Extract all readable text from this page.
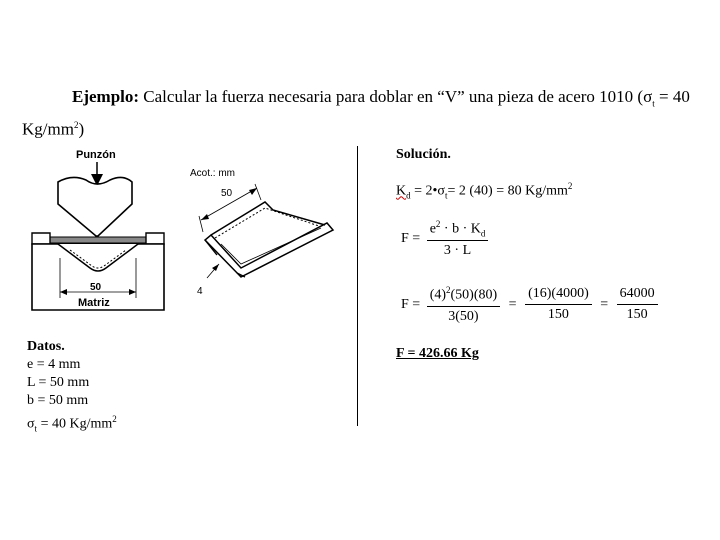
Ejemplo: Calcular la fuerza necesaria para doblar en “V” una pieza de acero 1010 ($\sigma_t = 40$
$Kg/mm^2$)
Punzón
50
Matriz
Acot.: mm
50
4
Datos.
e = 4 mm
L = 50 mm
b = 50 mm
$\sigma_t = 40$ $Kg/mm^2$
Solución.
$K_d$ = $2•\sigma_t= 2$ (40) = 80 $Kg/mm^2$
$F = \frac{e^2 \cdot b \cdot K_d}{3 \cdot L}$
$F = \frac{(4)^2(50)(80)}{3(50)} = \frac{(16)(4000)}{150} = \frac{64000}{150}$
F = 426.66 Kg
